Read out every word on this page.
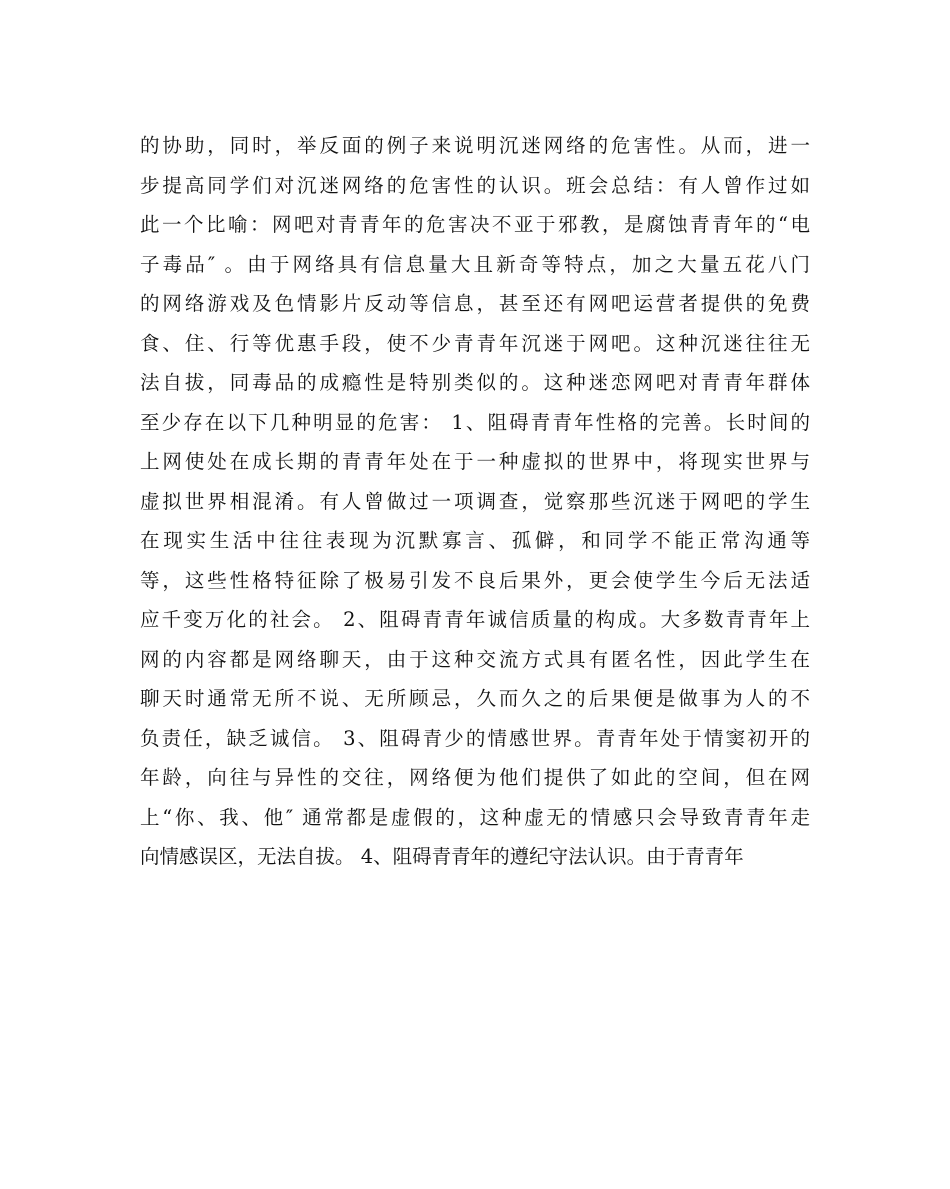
的协助，同时，举反面的例子来说明沉迷网络的危害性。从而，进一
步提高同学们对沉迷网络的危害性的认识。班会总结：有人曾作过如
此一个比喻：网吧对青青年的危害决不亚于邪教，是腐蚀青青年的“电
子毒品″ 。由于网络具有信息量大且新奇等特点，加之大量五花八门
的网络游戏及色情影片反动等信息，甚至还有网吧运营者提供的免费
食、住、行等优惠手段，使不少青青年沉迷于网吧。这种沉迷往往无
法自拔，同毒品的成瘾性是特别类似的。这种迷恋网吧对青青年群体
至少存在以下几种明显的危害： 1、阻碍青青年性格的完善。长时间的
上网使处在成长期的青青年处在于一种虚拟的世界中，将现实世界与
虚拟世界相混淆。有人曾做过一项调查，觉察那些沉迷于网吧的学生
在现实生活中往往表现为沉默寡言、孤僻，和同学不能正常沟通等
等，这些性格特征除了极易引发不良后果外，更会使学生今后无法适
应千变万化的社会。 2、阻碍青青年诚信质量的构成。大多数青青年上
网的内容都是网络聊天，由于这种交流方式具有匿名性，因此学生在
聊天时通常无所不说、无所顾忌，久而久之的后果便是做事为人的不
负责任，缺乏诚信。 3、阻碍青少的情感世界。青青年处于情窦初开的
年龄，向往与异性的交往，网络便为他们提供了如此的空间，但在网
上“你、我、他″ 通常都是虚假的，这种虚无的情感只会导致青青年走
向情感误区，无法自拔。 4、阻碍青青年的遵纪守法认识。由于青青年
